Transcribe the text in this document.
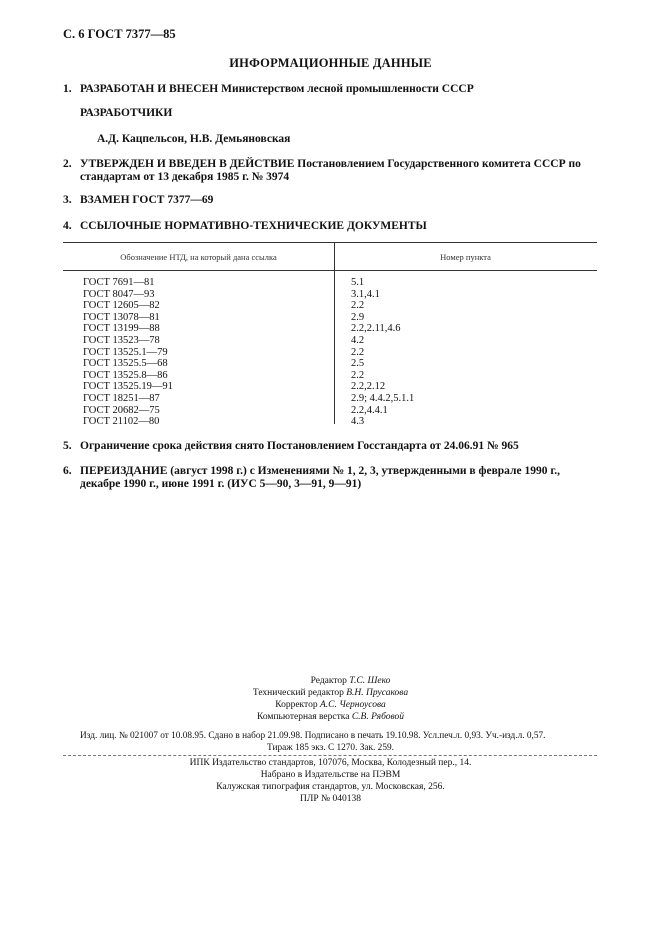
С. 6 ГОСТ 7377—85
ИНФОРМАЦИОННЫЕ ДАННЫЕ
1. РАЗРАБОТАН И ВНЕСЕН Министерством лесной промышленности СССР
РАЗРАБОТЧИКИ
А.Д. Кацпельсон, Н.В. Демьяновская
2. УТВЕРЖДЕН И ВВЕДЕН В ДЕЙСТВИЕ Постановлением Государственного комитета СССР по
стандартам от 13 декабря 1985 г. № 3974
3. ВЗАМЕН ГОСТ 7377—69
4. ССЫЛОЧНЫЕ НОРМАТИВНО-ТЕХНИЧЕСКИЕ ДОКУМЕНТЫ
Обозначение НТД, на который дана ссылка	Номер пункта
ГОСТ 7691—81
ГОСТ 8047—93
ГОСТ 12605—82
ГОСТ 13078—81
ГОСТ 13199—88
ГОСТ 13523—78
ГОСТ 13525.1—79
ГОСТ 13525.5—68
ГОСТ 13525.8—86
ГОСТ 13525.19—91
ГОСТ 18251—87
ГОСТ 20682—75
ГОСТ 21102—80
5.1
3.1,4.1
2.2
2.9
2.2,2.11,4.6
4.2
2.2
2.5
2.2
2.2,2.12
2.9; 4.4.2,5.1.1
2.2,4.4.1
4.3
5. Ограничение срока действия снято Постановлением Госстандарта от 24.06.91 № 965
6. ПЕРЕИЗДАНИЕ (август 1998 г.) с Изменениями № 1, 2, 3, утвержденными в феврале 1990 г.,
декабре 1990 г., июне 1991 г. (ИУС 5—90, 3—91, 9—91)
Редактор Т.С. Шеко
Технический редактор В.Н. Прусакова
Корректор А.С. Черноусова
Компьютерная верстка С.В. Рябовой
Изд. лиц. № 021007 от 10.08.95. Сдано в набор 21.09.98. Подписано в печать 19.10.98. Усл.печ.л. 0,93. Уч.-изд.л. 0,57.
Тираж 185 экз. С 1270. Зак. 259.
ИПК Издательство стандартов, 107076, Москва, Колодезный пер., 14.
Набрано в Издательстве на ПЭВМ
Калужская типография стандартов, ул. Московская, 256.
ПЛР № 040138
